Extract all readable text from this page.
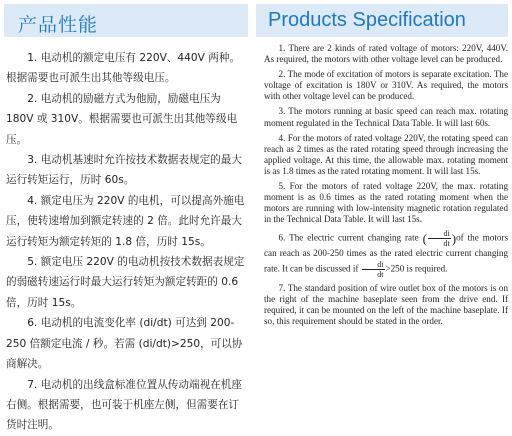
产品性能	Products Specification

1. 电动机的额定电压有 220V、440V 两种。根据需要也可派生出其他等级电压。

2. 电动机的励磁方式为他励，励磁电压为 180V 或 310V。根据需要也可派生出其他等级电压。

3. 电动机基速时允许按技术数据表规定的最大运行转矩运行，历时 60s。

4. 额定电压为 220V 的电机，可以提高外施电压，使转速增加到额定转速的 2 倍。此时允许最大运行转矩为额定转矩的 1.8 倍，历时 15s。

5. 额定电压 220V 的电动机按技术数据表规定的弱磁转速运行时最大运行转矩为额定转距的 0.6 倍，历时 15s。

6. 电动机的电流变化率 (di/dt) 可达到 200-250 倍额定电流 / 秒。若需 (di/dt)>250，可以协商解决。

7. 电动机的出线盒标准位置从传动端视在机座右侧。根据需要，也可装于机座左侧，但需要在订货时注明。

1. There are 2 kinds of rated voltage of motors: 220V, 440V. As required, the motors with other voltage level can be produced.

2. The mode of excitation of motors is separate excitation. The voltage of excitation is 180V or 310V. As required, the motors with other voltage level can be produced.

3. The motors running at basic speed can reach max. rotating moment regulated in the Technical Data Table. It will last 60s.

4. For the motors of rated voltage 220V, the rotating speed can reach as 2 times as the rated rotating speed through increasing the applied voltage. At this time, the allowable max. rotating moment is as 1.8 times as the rated rotating moment. It will last 15s.

5. For the motors of rated voltage 220V, the max. rotating moment is as 0.6 times as the rated rotating moment when the motors are running with low-intensity magnetic rotation regulated in the Technical Data Table. It will last 15s.

6. The electric current changing rate ( $\frac{di}{dt} )of$ the motors can reach as 200-250 times as the rated electric current changing rate. It can be discussed if $\frac{di}{dt} >250$ is required.

7. The standard position of wire outlet box of the motors is on the right of the machine baseplate seen from the drive end. If required, it can be mounted on the left of the machine baseplate. If so, this requirement should be stated in the order.
